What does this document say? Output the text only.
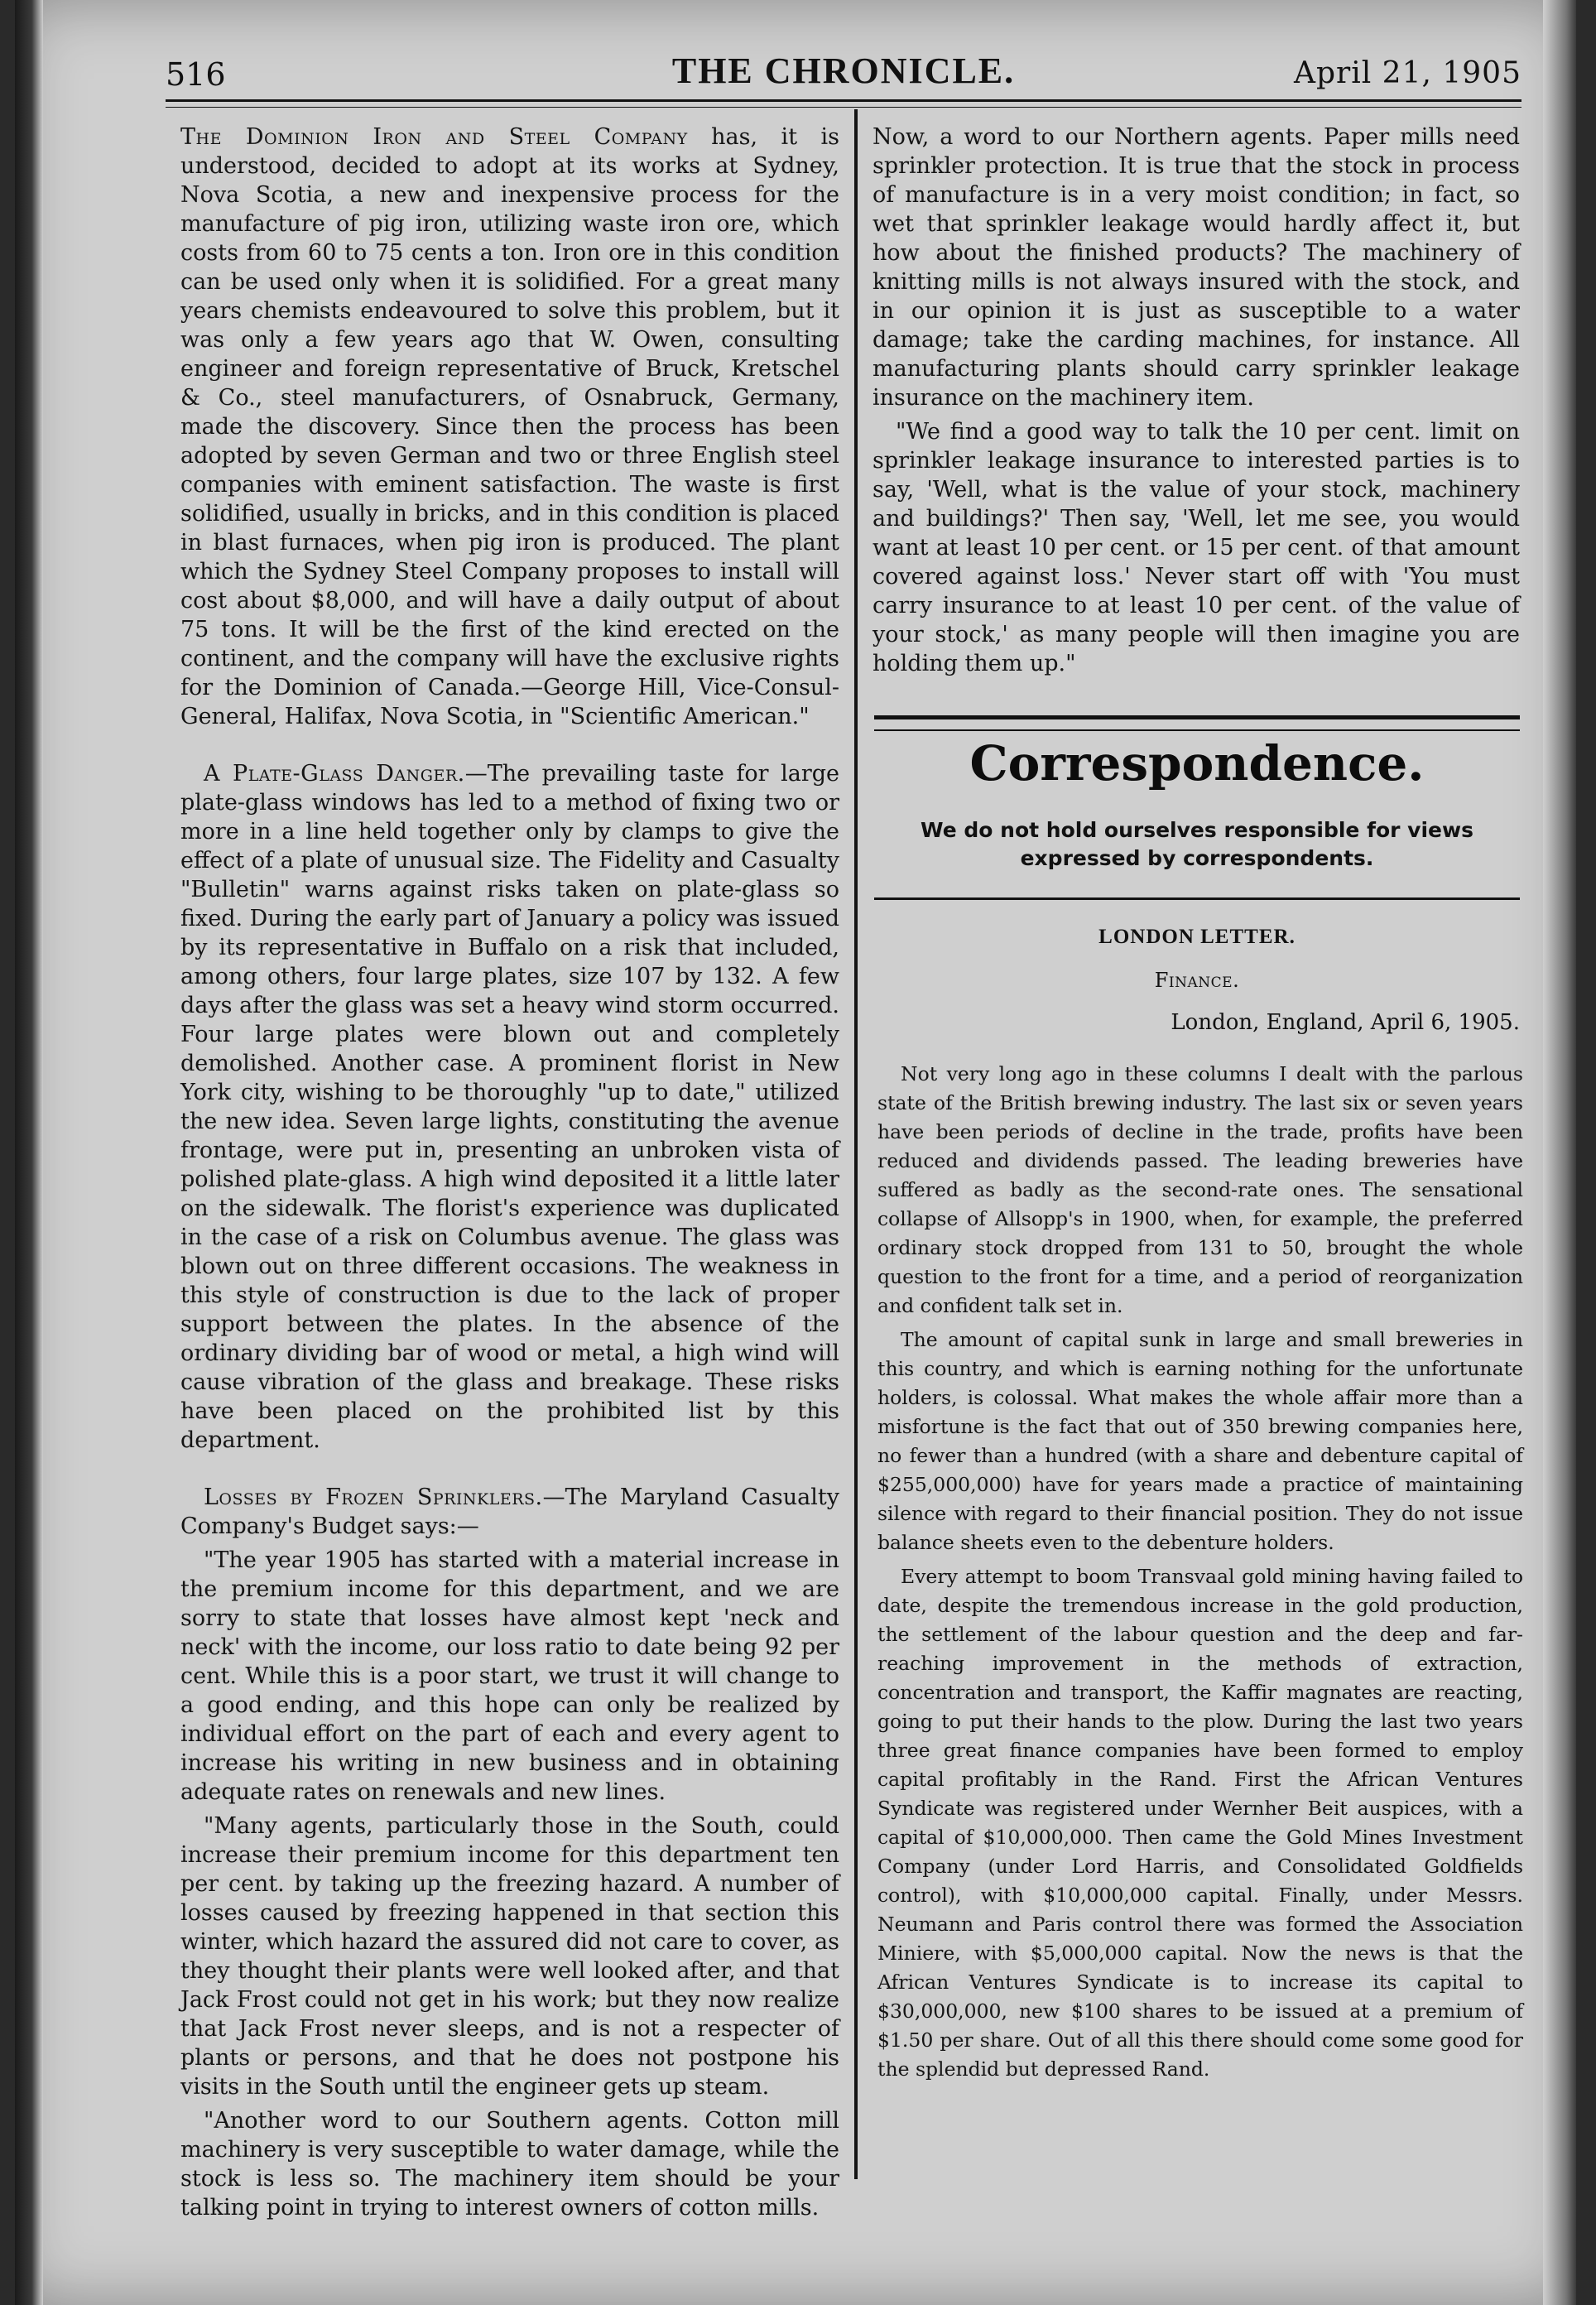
516	THE CHRONICLE.	April 21, 1905

The Dominion Iron and Steel Company has, it is understood, decided to adopt at its works at Sydney, Nova Scotia, a new and inexpensive process for the manufacture of pig iron, utilizing waste iron ore, which costs from 60 to 75 cents a ton. Iron ore in this condition can be used only when it is solidified. For a great many years chemists endeavoured to solve this problem, but it was only a few years ago that W. Owen, consulting engineer and foreign representative of Bruck, Kretschel & Co., steel manufacturers, of Osnabruck, Germany, made the discovery. Since then the process has been adopted by seven German and two or three English steel companies with eminent satisfaction. The waste is first solidified, usually in bricks, and in this condition is placed in blast furnaces, when pig iron is produced. The plant which the Sydney Steel Company proposes to install will cost about $8,000, and will have a daily output of about 75 tons. It will be the first of the kind erected on the continent, and the company will have the exclusive rights for the Dominion of Canada.—George Hill, Vice-Consul-General, Halifax, Nova Scotia, in "Scientific American."

A Plate-Glass Danger.—The prevailing taste for large plate-glass windows has led to a method of fixing two or more in a line held together only by clamps to give the effect of a plate of unusual size. The Fidelity and Casualty "Bulletin" warns against risks taken on plate-glass so fixed. During the early part of January a policy was issued by its representative in Buffalo on a risk that included, among others, four large plates, size 107 by 132. A few days after the glass was set a heavy wind storm occurred. Four large plates were blown out and completely demolished. Another case. A prominent florist in New York city, wishing to be thoroughly "up to date," utilized the new idea. Seven large lights, constituting the avenue frontage, were put in, presenting an unbroken vista of polished plate-glass. A high wind deposited it a little later on the sidewalk. The florist's experience was duplicated in the case of a risk on Columbus avenue. The glass was blown out on three different occasions. The weakness in this style of construction is due to the lack of proper support between the plates. In the absence of the ordinary dividing bar of wood or metal, a high wind will cause vibration of the glass and breakage. These risks have been placed on the prohibited list by this department.

Losses by Frozen Sprinklers.—The Maryland Casualty Company's Budget says:—

"The year 1905 has started with a material increase in the premium income for this department, and we are sorry to state that losses have almost kept 'neck and neck' with the income, our loss ratio to date being 92 per cent. While this is a poor start, we trust it will change to a good ending, and this hope can only be realized by individual effort on the part of each and every agent to increase his writing in new business and in obtaining adequate rates on renewals and new lines.

"Many agents, particularly those in the South, could increase their premium income for this department ten per cent. by taking up the freezing hazard. A number of losses caused by freezing happened in that section this winter, which hazard the assured did not care to cover, as they thought their plants were well looked after, and that Jack Frost could not get in his work; but they now realize that Jack Frost never sleeps, and is not a respecter of plants or persons, and that he does not postpone his visits in the South until the engineer gets up steam.

"Another word to our Southern agents. Cotton mill machinery is very susceptible to water damage, while the stock is less so. The machinery item should be your talking point in trying to interest owners of cotton mills.

Now, a word to our Northern agents. Paper mills need sprinkler protection. It is true that the stock in process of manufacture is in a very moist condition; in fact, so wet that sprinkler leakage would hardly affect it, but how about the finished products? The machinery of knitting mills is not always insured with the stock, and in our opinion it is just as susceptible to a water damage; take the carding machines, for instance. All manufacturing plants should carry sprinkler leakage insurance on the machinery item.

"We find a good way to talk the 10 per cent. limit on sprinkler leakage insurance to interested parties is to say, 'Well, what is the value of your stock, machinery and buildings?' Then say, 'Well, let me see, you would want at least 10 per cent. or 15 per cent. of that amount covered against loss.' Never start off with 'You must carry insurance to at least 10 per cent. of the value of your stock,' as many people will then imagine you are holding them up."

Correspondence.
We do not hold ourselves responsible for views expressed by correspondents.
LONDON LETTER.
Finance.
London, England, April 6, 1905.

Not very long ago in these columns I dealt with the parlous state of the British brewing industry. The last six or seven years have been periods of decline in the trade, profits have been reduced and dividends passed. The leading breweries have suffered as badly as the second-rate ones. The sensational collapse of Allsopp's in 1900, when, for example, the preferred ordinary stock dropped from 131 to 50, brought the whole question to the front for a time, and a period of reorganization and confident talk set in.

The amount of capital sunk in large and small breweries in this country, and which is earning nothing for the unfortunate holders, is colossal. What makes the whole affair more than a misfortune is the fact that out of 350 brewing companies here, no fewer than a hundred (with a share and debenture capital of $255,000,000) have for years made a practice of maintaining silence with regard to their financial position. They do not issue balance sheets even to the debenture holders.

Every attempt to boom Transvaal gold mining having failed to date, despite the tremendous increase in the gold production, the settlement of the labour question and the deep and far-reaching improvement in the methods of extraction, concentration and transport, the Kaffir magnates are reacting, going to put their hands to the plow. During the last two years three great finance companies have been formed to employ capital profitably in the Rand. First the African Ventures Syndicate was registered under Wernher Beit auspices, with a capital of $10,000,000. Then came the Gold Mines Investment Company (under Lord Harris, and Consolidated Goldfields control), with $10,000,000 capital. Finally, under Messrs. Neumann and Paris control there was formed the Association Miniere, with $5,000,000 capital. Now the news is that the African Ventures Syndicate is to increase its capital to $30,000,000, new $100 shares to be issued at a premium of $1.50 per share. Out of all this there should come some good for the splendid but depressed Rand.
